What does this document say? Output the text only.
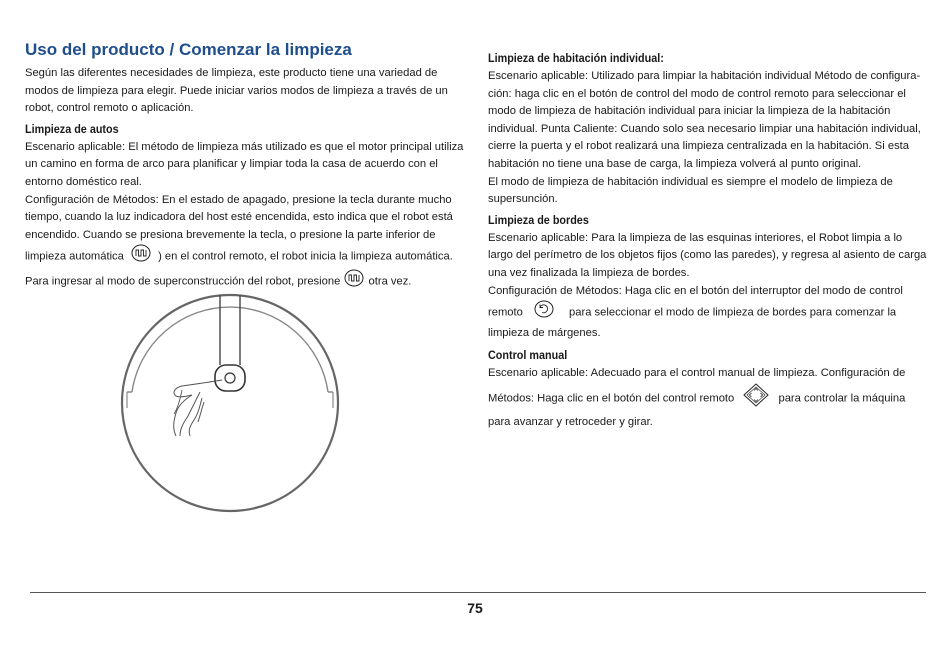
Uso del producto / Comenzar la limpieza

Según las diferentes necesidades de limpieza, este producto tiene una variedad de

modos de limpieza para elegir. Puede iniciar varios modos de limpieza a través de un

robot, control remoto o aplicación.

Limpieza de autos

Escenario aplicable: El método de limpieza más utilizado es que el motor principal utiliza

un camino en forma de arco para planificar y limpiar toda la casa de acuerdo con el

entorno doméstico real.

Configuración de Métodos: En el estado de apagado, presione la tecla durante mucho

tiempo, cuando la luz indicadora del host esté encendida, esto indica que el robot está

encendido. Cuando se presiona brevemente la tecla, o presione la parte inferior de

limpieza automática	) en el control remoto, el robot inicia la limpieza automática.

Para ingresar al modo de superconstrucción del robot, presione	otra vez.

Limpieza de habitación individual:

Escenario aplicable: Utilizado para limpiar la habitación individual Método de configura-

ción: haga clic en el botón de control del modo de control remoto para seleccionar el

modo de limpieza de habitación individual para iniciar la limpieza de la habitación

individual. Punta Caliente: Cuando solo sea necesario limpiar una habitación individual,

cierre la puerta y el robot realizará una limpieza centralizada en la habitación. Si esta

habitación no tiene una base de carga, la limpieza volverá al punto original.

El modo de limpieza de habitación individual es siempre el modelo de limpieza de

supersunción.

Limpieza de bordes

Escenario aplicable: Para la limpieza de las esquinas interiores, el Robot limpia a lo

largo del perímetro de los objetos fijos (como las paredes), y regresa al asiento de carga

una vez finalizada la limpieza de bordes.

Configuración de Métodos: Haga clic en el botón del interruptor del modo de control

remoto	para seleccionar el modo de limpieza de bordes para comenzar la

limpieza de márgenes.

Control manual

Escenario aplicable: Adecuado para el control manual de limpieza. Configuración de

Métodos: Haga clic en el botón del control remoto	para controlar la máquina

para avanzar y retroceder y girar.

75
